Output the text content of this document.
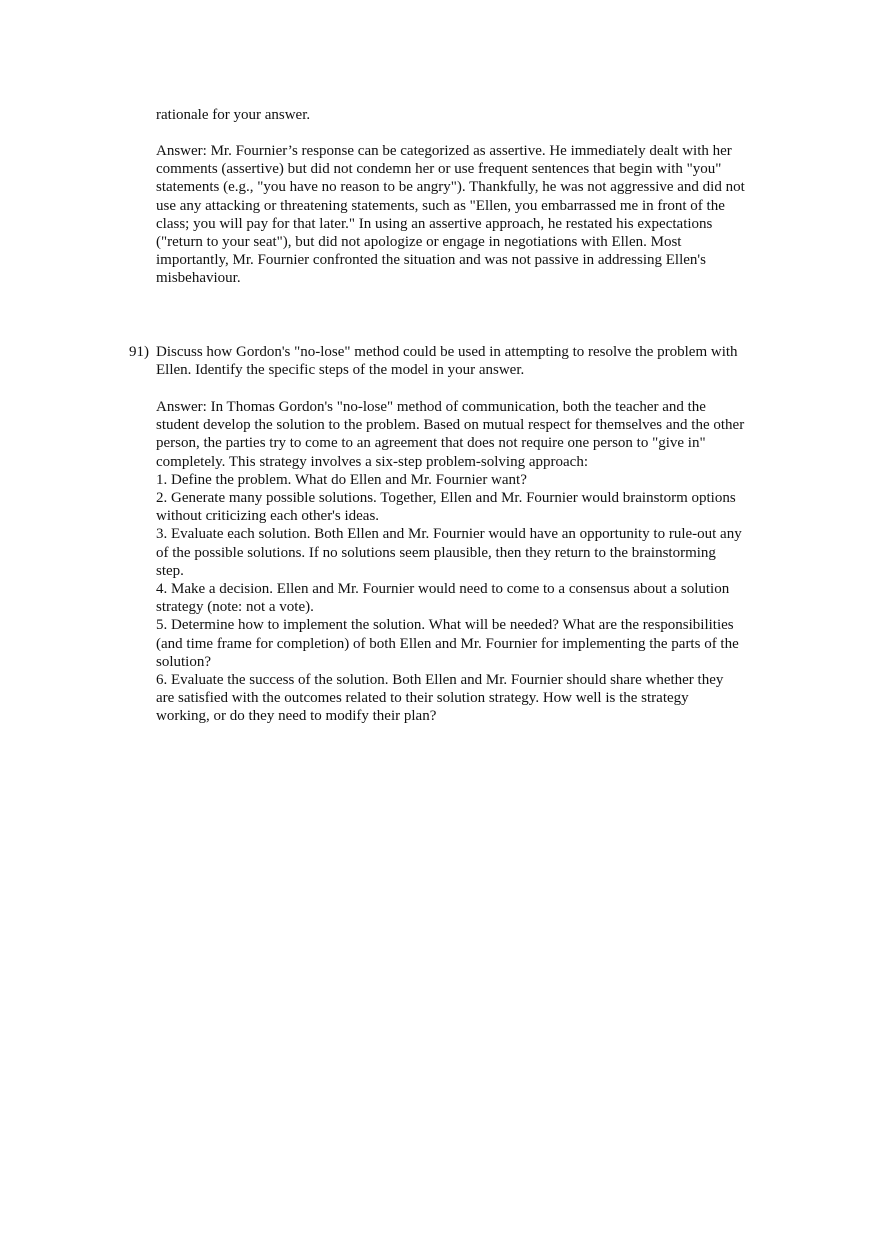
rationale for your answer.

Answer: Mr. Fournier’s response can be categorized as assertive. He immediately dealt with her
comments (assertive) but did not condemn her or use frequent sentences that begin with "you"
statements (e.g., "you have no reason to be angry"). Thankfully, he was not aggressive and did not
use any attacking or threatening statements, such as "Ellen, you embarrassed me in front of the
class; you will pay for that later." In using an assertive approach, he restated his expectations
("return to your seat"), but did not apologize or engage in negotiations with Ellen. Most
importantly, Mr. Fournier confronted the situation and was not passive in addressing Ellen's
misbehaviour.
91) Discuss how Gordon's "no-lose" method could be used in attempting to resolve the problem with
Ellen. Identify the specific steps of the model in your answer.
Answer: In Thomas Gordon's "no-lose" method of communication, both the teacher and the
student develop the solution to the problem. Based on mutual respect for themselves and the other
person, the parties try to come to an agreement that does not require one person to "give in"
completely. This strategy involves a six-step problem-solving approach:
1. Define the problem. What do Ellen and Mr. Fournier want?
2. Generate many possible solutions. Together, Ellen and Mr. Fournier would brainstorm options
without criticizing each other's ideas.
3. Evaluate each solution. Both Ellen and Mr. Fournier would have an opportunity to rule-out any
of the possible solutions. If no solutions seem plausible, then they return to the brainstorming
step.
4. Make a decision. Ellen and Mr. Fournier would need to come to a consensus about a solution
strategy (note: not a vote).
5. Determine how to implement the solution. What will be needed? What are the responsibilities
(and time frame for completion) of both Ellen and Mr. Fournier for implementing the parts of the
solution?
6. Evaluate the success of the solution. Both Ellen and Mr. Fournier should share whether they
are satisfied with the outcomes related to their solution strategy. How well is the strategy
working, or do they need to modify their plan?
